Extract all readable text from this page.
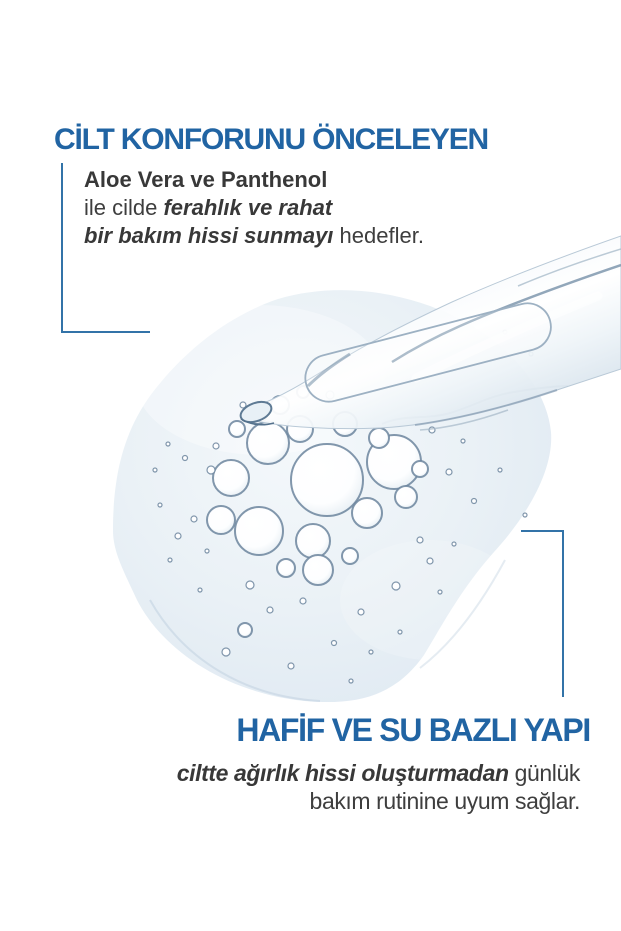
CİLT KONFORUNU ÖNCELEYEN
Aloe Vera ve Panthenol
ile cilde ferahlık ve rahat
bir bakım hissi sunmayı hedefler.
HAFİF VE SU BAZLI YAPI
ciltte ağırlık hissi oluşturmadan günlük
bakım rutinine uyum sağlar.
